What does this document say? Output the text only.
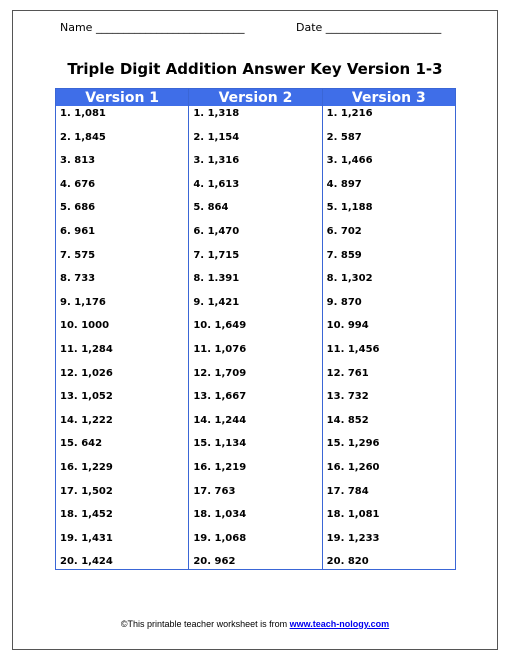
Name ___________________________	Date _____________________
Triple Digit Addition Answer Key Version 1-3
Version 1
1. 1,081
2. 1,845
3. 813
4. 676
5. 686
6. 961
7. 575
8. 733
9. 1,176
10. 1000
11. 1,284
12. 1,026
13. 1,052
14. 1,222
15. 642
16. 1,229
17. 1,502
18. 1,452
19. 1,431
20. 1,424
Version 2
1. 1,318
2. 1,154
3. 1,316
4. 1,613
5. 864
6. 1,470
7. 1,715
8. 1.391
9. 1,421
10. 1,649
11. 1,076
12. 1,709
13. 1,667
14. 1,244
15. 1,134
16. 1,219
17. 763
18. 1,034
19. 1,068
20. 962
Version 3
1. 1,216
2. 587
3. 1,466
4. 897
5. 1,188
6. 702
7. 859
8. 1,302
9. 870
10. 994
11. 1,456
12. 761
13. 732
14. 852
15. 1,296
16. 1,260
17. 784
18. 1,081
19. 1,233
20. 820
©This printable teacher worksheet is from www.teach-nology.com
